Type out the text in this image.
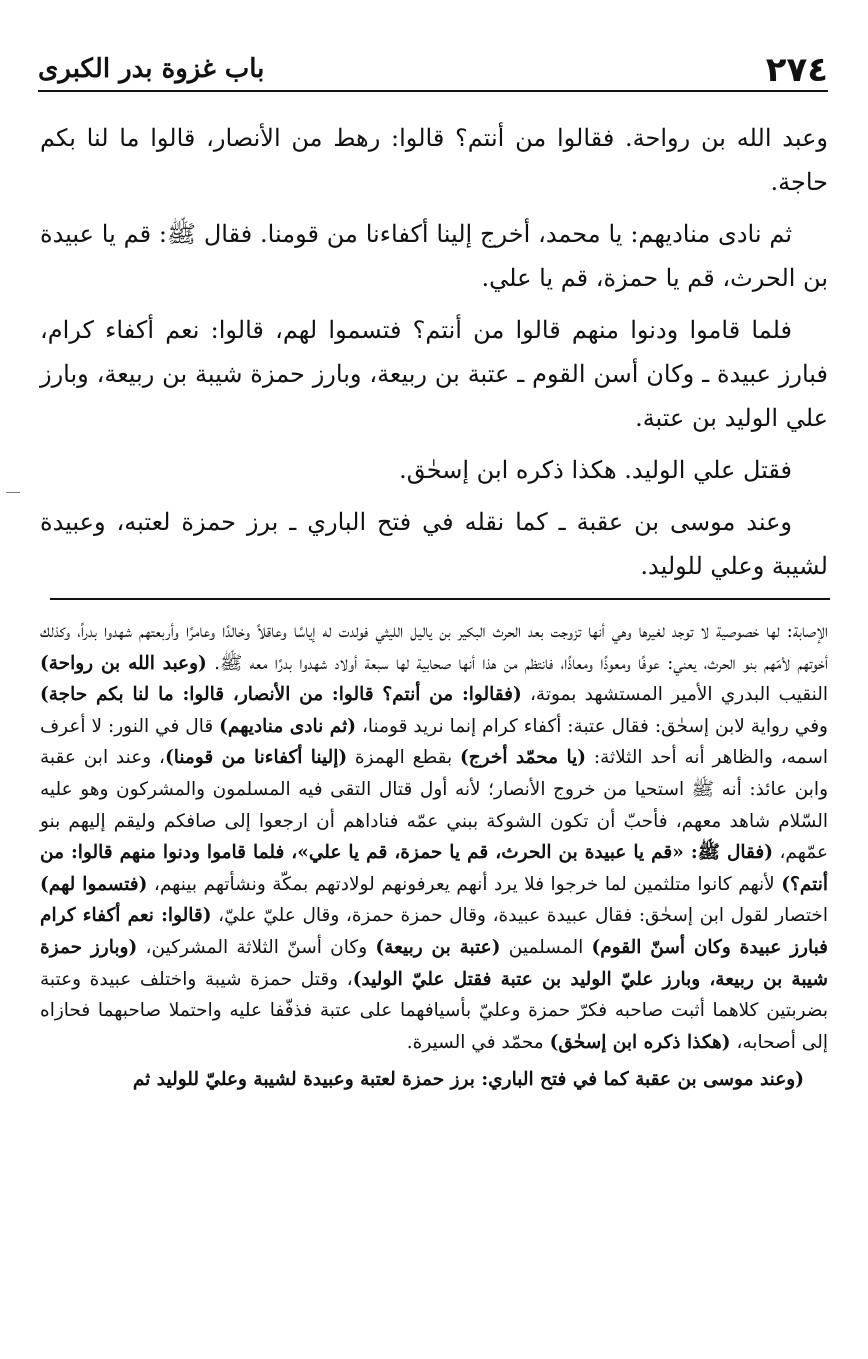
٢٧٤
باب غزوة بدر الكبرى

وعبد الله بن رواحة. فقالوا من أنتم؟ قالوا: رهط من الأنصار، قالوا ما لنا بكم حاجة.

ثم نادى مناديهم: يا محمد، أخرج إلينا أكفاءنا من قومنا. فقال ﷺ: قم يا عبيدة بن الحرث، قم يا حمزة، قم يا علي.

فلما قاموا ودنوا منهم قالوا من أنتم؟ فتسموا لهم، قالوا: نعم أكفاء كرام، فبارز عبيدة ـ وكان أسن القوم ـ عتبة بن ربيعة، وبارز حمزة شيبة بن ربيعة، وبارز علي الوليد بن عتبة.

فقتل علي الوليد. هكذا ذكره ابن إسحٰق.

وعند موسى بن عقبة ـ كما نقله في فتح الباري ـ برز حمزة لعتبه، وعبيدة لشيبة وعلي للوليد.

الإصابة: لها خصوصية لا توجد لغيرها وهي أنها تزوجت بعد الحرث البكير بن ياليل الليثي فولدت له إياسًا وعاقلاً وخالدًا وعامرًا وأربعتهم شهدوا بدراً، وكذلك أخوتهم لأمّهم بنو الحرث، يعني: عوفًا ومعوذًا ومعاذًا، فانتظم من هذا أنها صحابية لها سبعة أولاد شهدوا بدرًا معه ﷺ. (وعبد الله بن رواحة) النقيب البدري الأمير المستشهد بموتة، (فقالوا: من أنتم؟ قالوا: من الأنصار، قالوا: ما لنا بكم حاجة) وفي رواية لابن إسحٰق: فقال عتبة: أكفاء كرام إنما نريد قومنا، (ثم نادى مناديهم) قال في النور: لا أعرف اسمه، والظاهر أنه أحد الثلاثة: (يا محمّد أخرج) بقطع الهمزة (إلينا أكفاءنا من قومنا)، وعند ابن عقبة وابن عائذ: أنه ﷺ استحيا من خروج الأنصار؛ لأنه أول قتال التقى فيه المسلمون والمشركون وهو عليه السّلام شاهد معهم، فأحبّ أن تكون الشوكة ببني عمّه فناداهم أن ارجعوا إلى صافكم وليقم إليهم بنو عمّهم، (فقال ﷺ: «قم يا عبيدة بن الحرث، قم يا حمزة، قم يا علي»، فلما قاموا ودنوا منهم قالوا: من أنتم؟) لأنهم كانوا متلثمين لما خرجوا فلا يرد أنهم يعرفونهم لولادتهم بمكّة ونشأتهم بينهم، (فتسموا لهم) اختصار لقول ابن إسحٰق: فقال عبيدة عبيدة، وقال حمزة حمزة، وقال عليّ عليّ، (قالوا: نعم أكفاء كرام فبارز عبيدة وكان أسنّ القوم) المسلمين (عتبة بن ربيعة) وكان أسنّ الثلاثة المشركين، (وبارز حمزة شيبة بن ربيعة، وبارز عليّ الوليد بن عتبة فقتل عليّ الوليد)، وقتل حمزة شيبة واختلف عبيدة وعتبة بضربتين كلاهما أثبت صاحبه فكرّ حمزة وعليّ بأسيافهما على عتبة فذفّفا عليه واحتملا صاحبهما فحازاه إلى أصحابه، (هكذا ذكره ابن إسحٰق) محمّد في السيرة.

(وعند موسى بن عقبة كما في فتح الباري: برز حمزة لعتبة وعبيدة لشيبة وعليّ للوليد ثم
